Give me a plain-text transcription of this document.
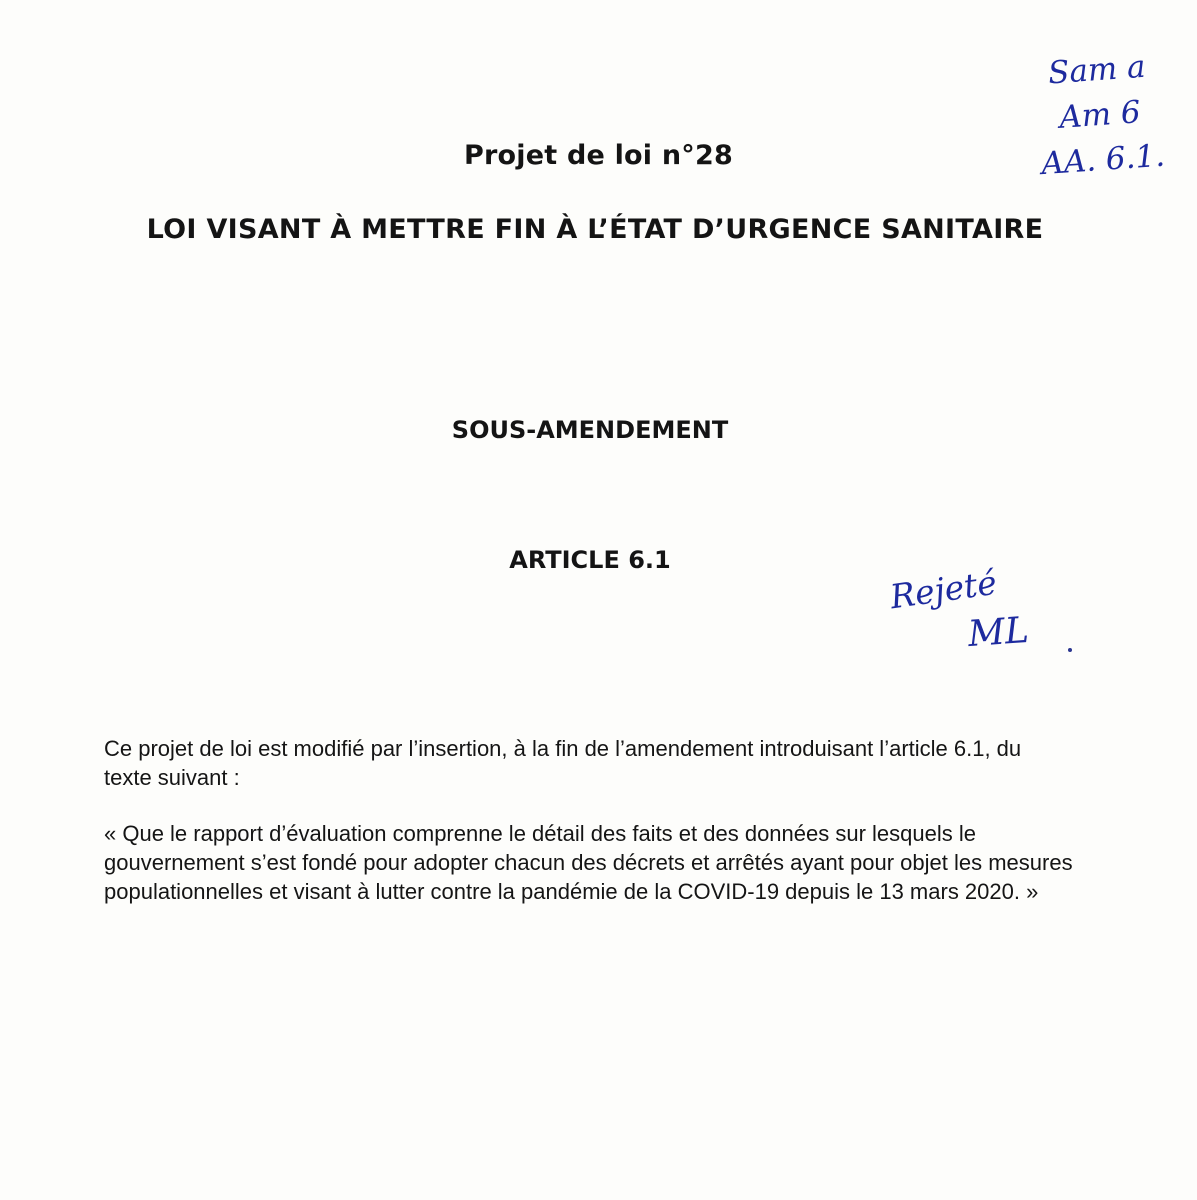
Projet de loi n°28
LOI VISANT À METTRE FIN À L’ÉTAT D’URGENCE SANITAIRE
SOUS-AMENDEMENT
ARTICLE 6.1
Ce projet de loi est modifié par l’insertion, à la fin de l’amendement introduisant l’article 6.1, du texte suivant :
« Que le rapport d’évaluation comprenne le détail des faits et des données sur lesquels le gouvernement s’est fondé pour adopter chacun des décrets et arrêtés ayant pour objet les mesures populationnelles et visant à lutter contre la pandémie de la COVID-19 depuis le 13 mars 2020. »
Sam a
Am 6
AA. 6.1.
Rejeté
ML
